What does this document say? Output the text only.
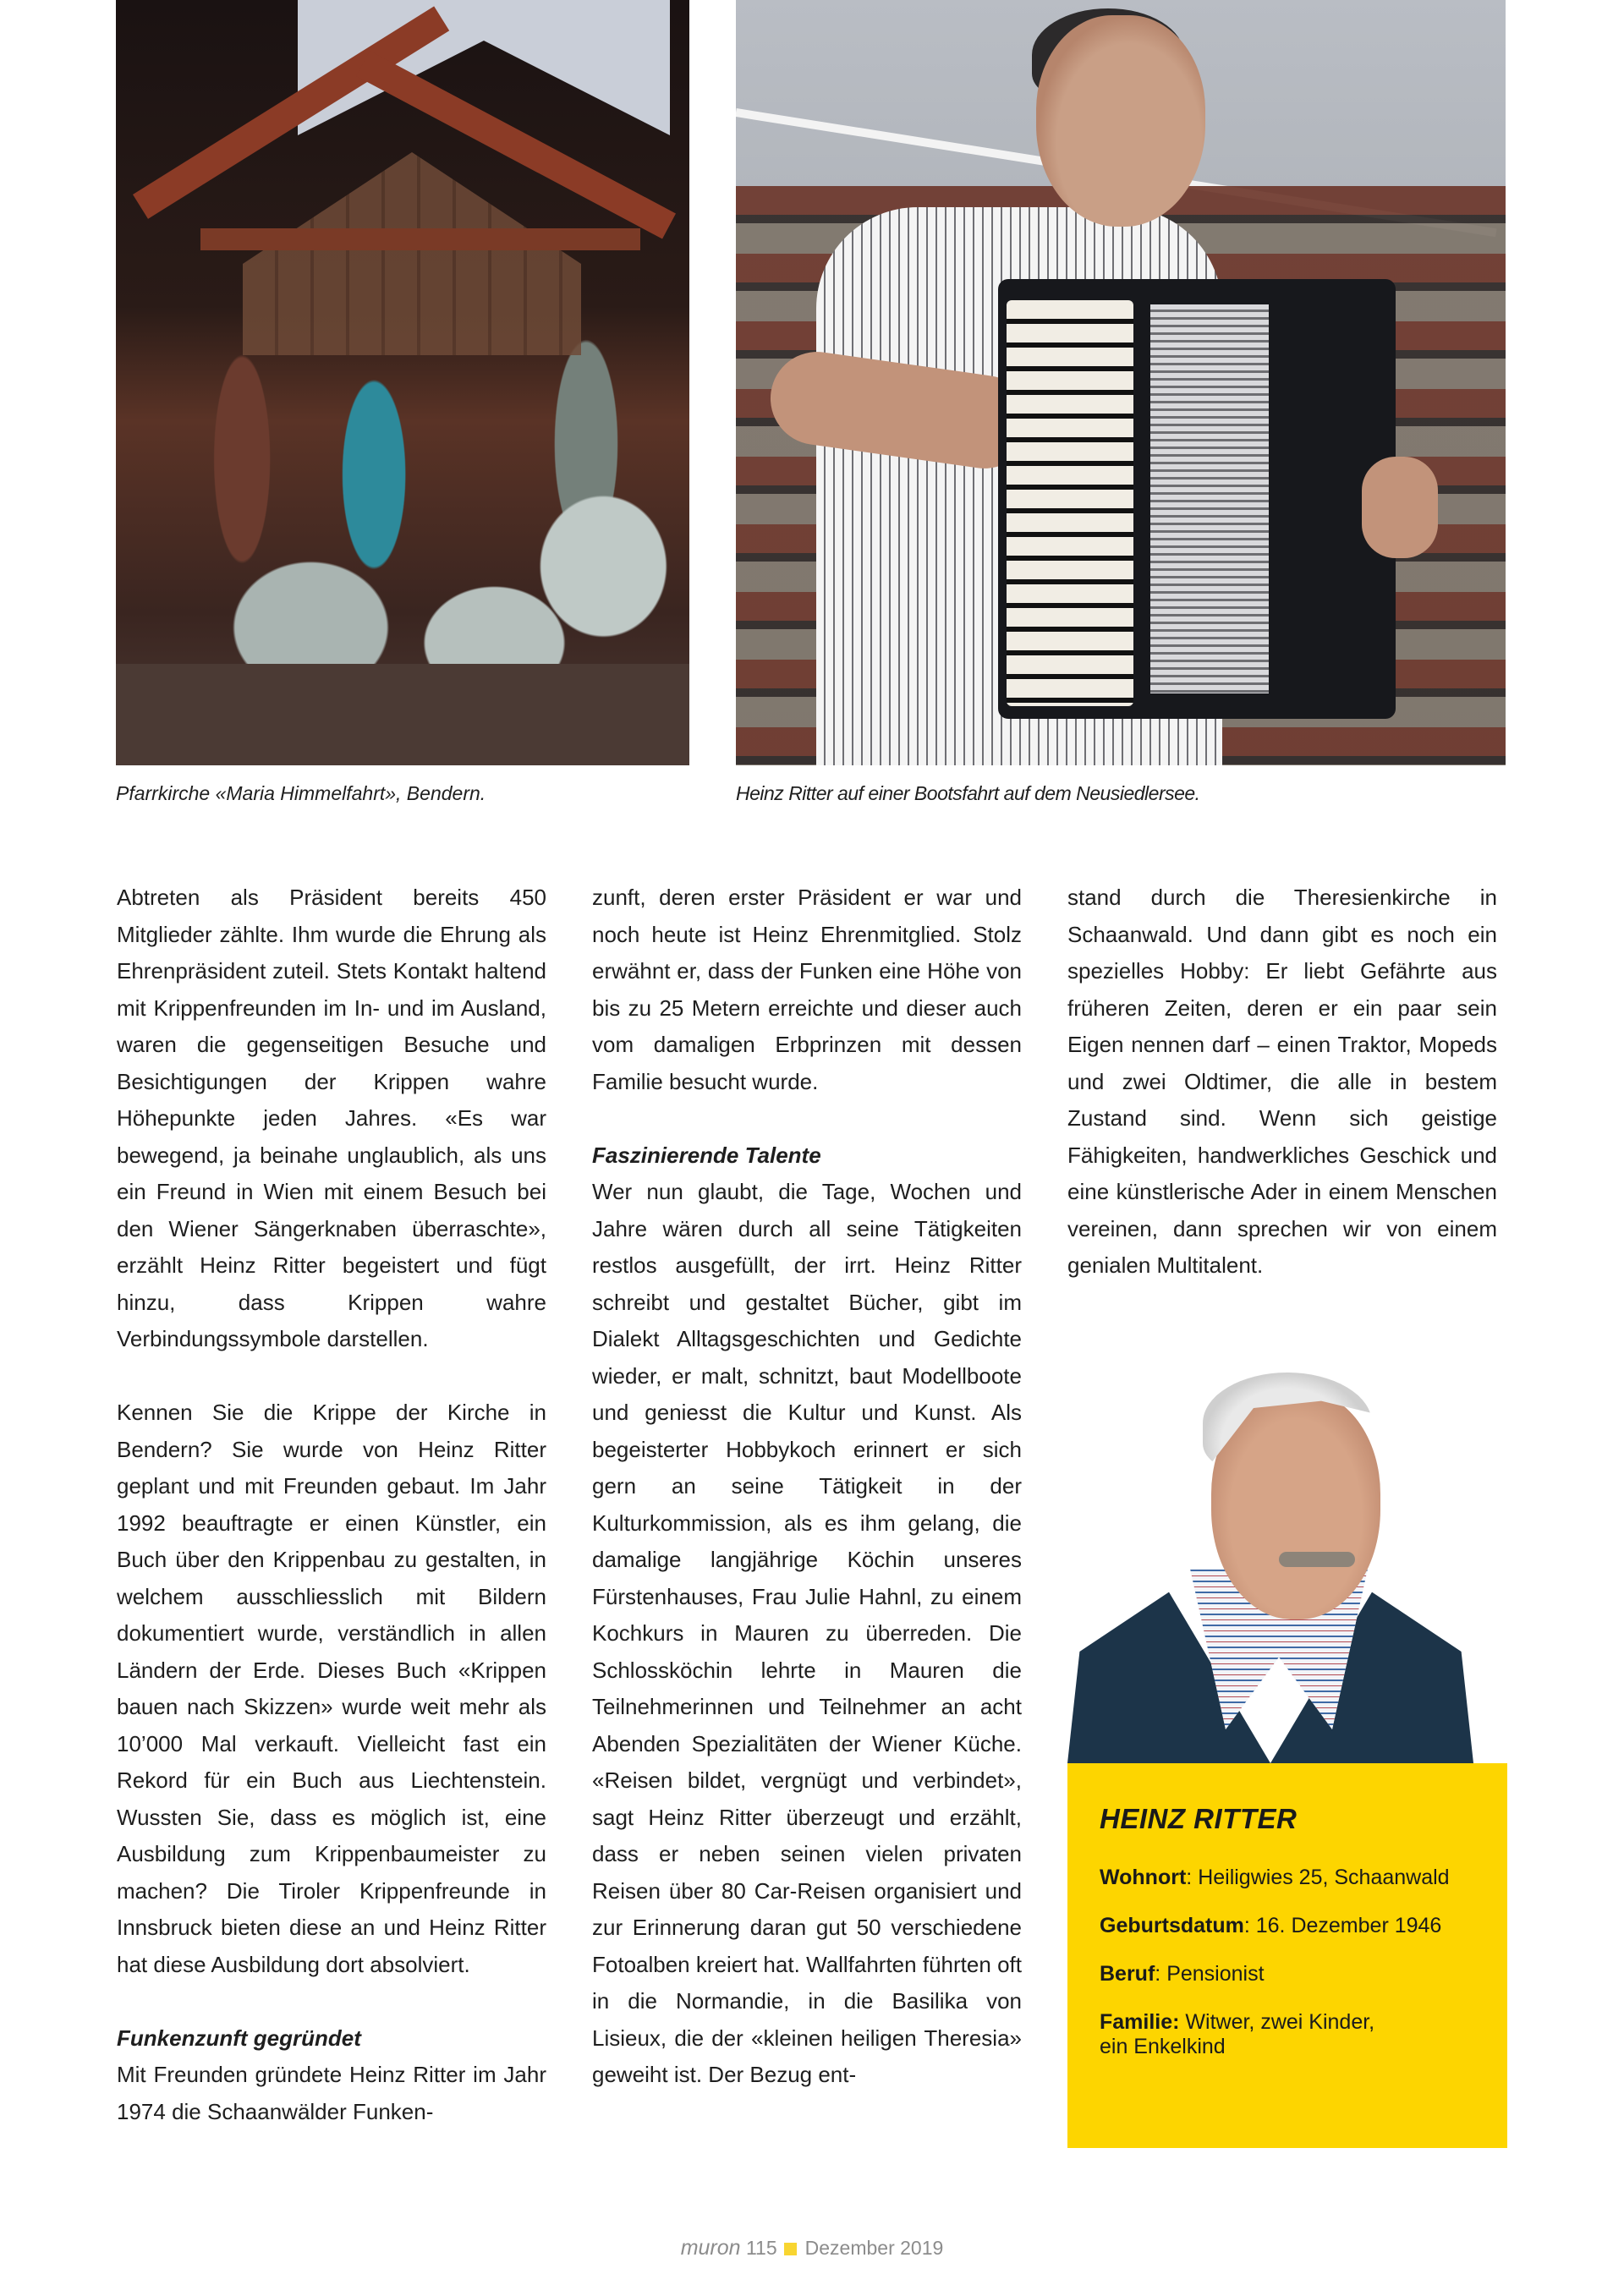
Pfarrkirche «Maria Himmelfahrt», Bendern.	Heinz Ritter auf einer Bootsfahrt auf dem Neusiedlersee.

Abtreten als Präsident bereits 450 Mitglieder zählte. Ihm wurde die Ehrung als Ehrenpräsident zuteil. Stets Kontakt haltend mit Krippenfreunden im In- und im Ausland, waren die gegenseitigen Besuche und Besichtigungen der Krippen wahre Höhepunkte jeden Jahres. «Es war bewegend, ja beinahe unglaublich, als uns ein Freund in Wien mit einem Besuch bei den Wiener Sängerknaben überraschte», erzählt Heinz Ritter begeistert und fügt hinzu, dass Krippen wahre Verbindungssymbole darstellen.

Kennen Sie die Krippe der Kirche in Bendern? Sie wurde von Heinz Ritter geplant und mit Freunden gebaut. Im Jahr 1992 beauftragte er einen Künstler, ein Buch über den Krippenbau zu gestalten, in welchem ausschliesslich mit Bildern dokumentiert wurde, verständlich in allen Ländern der Erde. Dieses Buch «Krippen bauen nach Skizzen» wurde weit mehr als 10’000 Mal verkauft. Vielleicht fast ein Rekord für ein Buch aus Liechtenstein. Wussten Sie, dass es möglich ist, eine Ausbildung zum Krippenbaumeister zu machen? Die Tiroler Krippenfreunde in Innsbruck bieten diese an und Heinz Ritter hat diese Ausbildung dort absolviert.

Funkenzunft gegründet

Mit Freunden gründete Heinz Ritter im Jahr 1974 die Schaanwälder Funken-

zunft, deren erster Präsident er war und noch heute ist Heinz Ehrenmitglied. Stolz erwähnt er, dass der Funken eine Höhe von bis zu 25 Metern erreichte und dieser auch vom damaligen Erbprinzen mit dessen Familie besucht wurde.

Faszinierende Talente

Wer nun glaubt, die Tage, Wochen und Jahre wären durch all seine Tätigkeiten restlos ausgefüllt, der irrt. Heinz Ritter schreibt und gestaltet Bücher, gibt im Dialekt Alltagsgeschichten und Gedichte wieder, er malt, schnitzt, baut Modellboote und geniesst die Kultur und Kunst. Als begeisterter Hobbykoch erinnert er sich gern an seine Tätigkeit in der Kulturkommission, als es ihm gelang, die damalige langjährige Köchin unseres Fürstenhauses, Frau Julie Hahnl, zu einem Kochkurs in Mauren zu überreden. Die Schlossköchin lehrte in Mauren die Teilnehmerinnen und Teilnehmer an acht Abenden Spezialitäten der Wiener Küche. «Reisen bildet, vergnügt und verbindet», sagt Heinz Ritter überzeugt und erzählt, dass er neben seinen vielen privaten Reisen über 80 Car-Reisen organisiert und zur Erinnerung daran gut 50 verschiedene Fotoalben kreiert hat. Wallfahrten führten oft in die Normandie, in die Basilika von Lisieux, die der «kleinen heiligen Theresia» geweiht ist. Der Bezug ent-

stand durch die Theresienkirche in Schaanwald. Und dann gibt es noch ein spezielles Hobby: Er liebt Gefährte aus früheren Zeiten, deren er ein paar sein Eigen nennen darf – einen Traktor, Mopeds und zwei Oldtimer, die alle in bestem Zustand sind. Wenn sich geistige Fähigkeiten, handwerkliches Geschick und eine künstlerische Ader in einem Menschen vereinen, dann sprechen wir von einem genialen Multitalent.

HEINZ RITTER
Wohnort: Heiligwies 25, Schaanwald
Geburtsdatum: 16. Dezember 1946
Beruf: Pensionist
Familie: Witwer, zwei Kinder,
ein Enkelkind
muron 115 Dezember 2019
